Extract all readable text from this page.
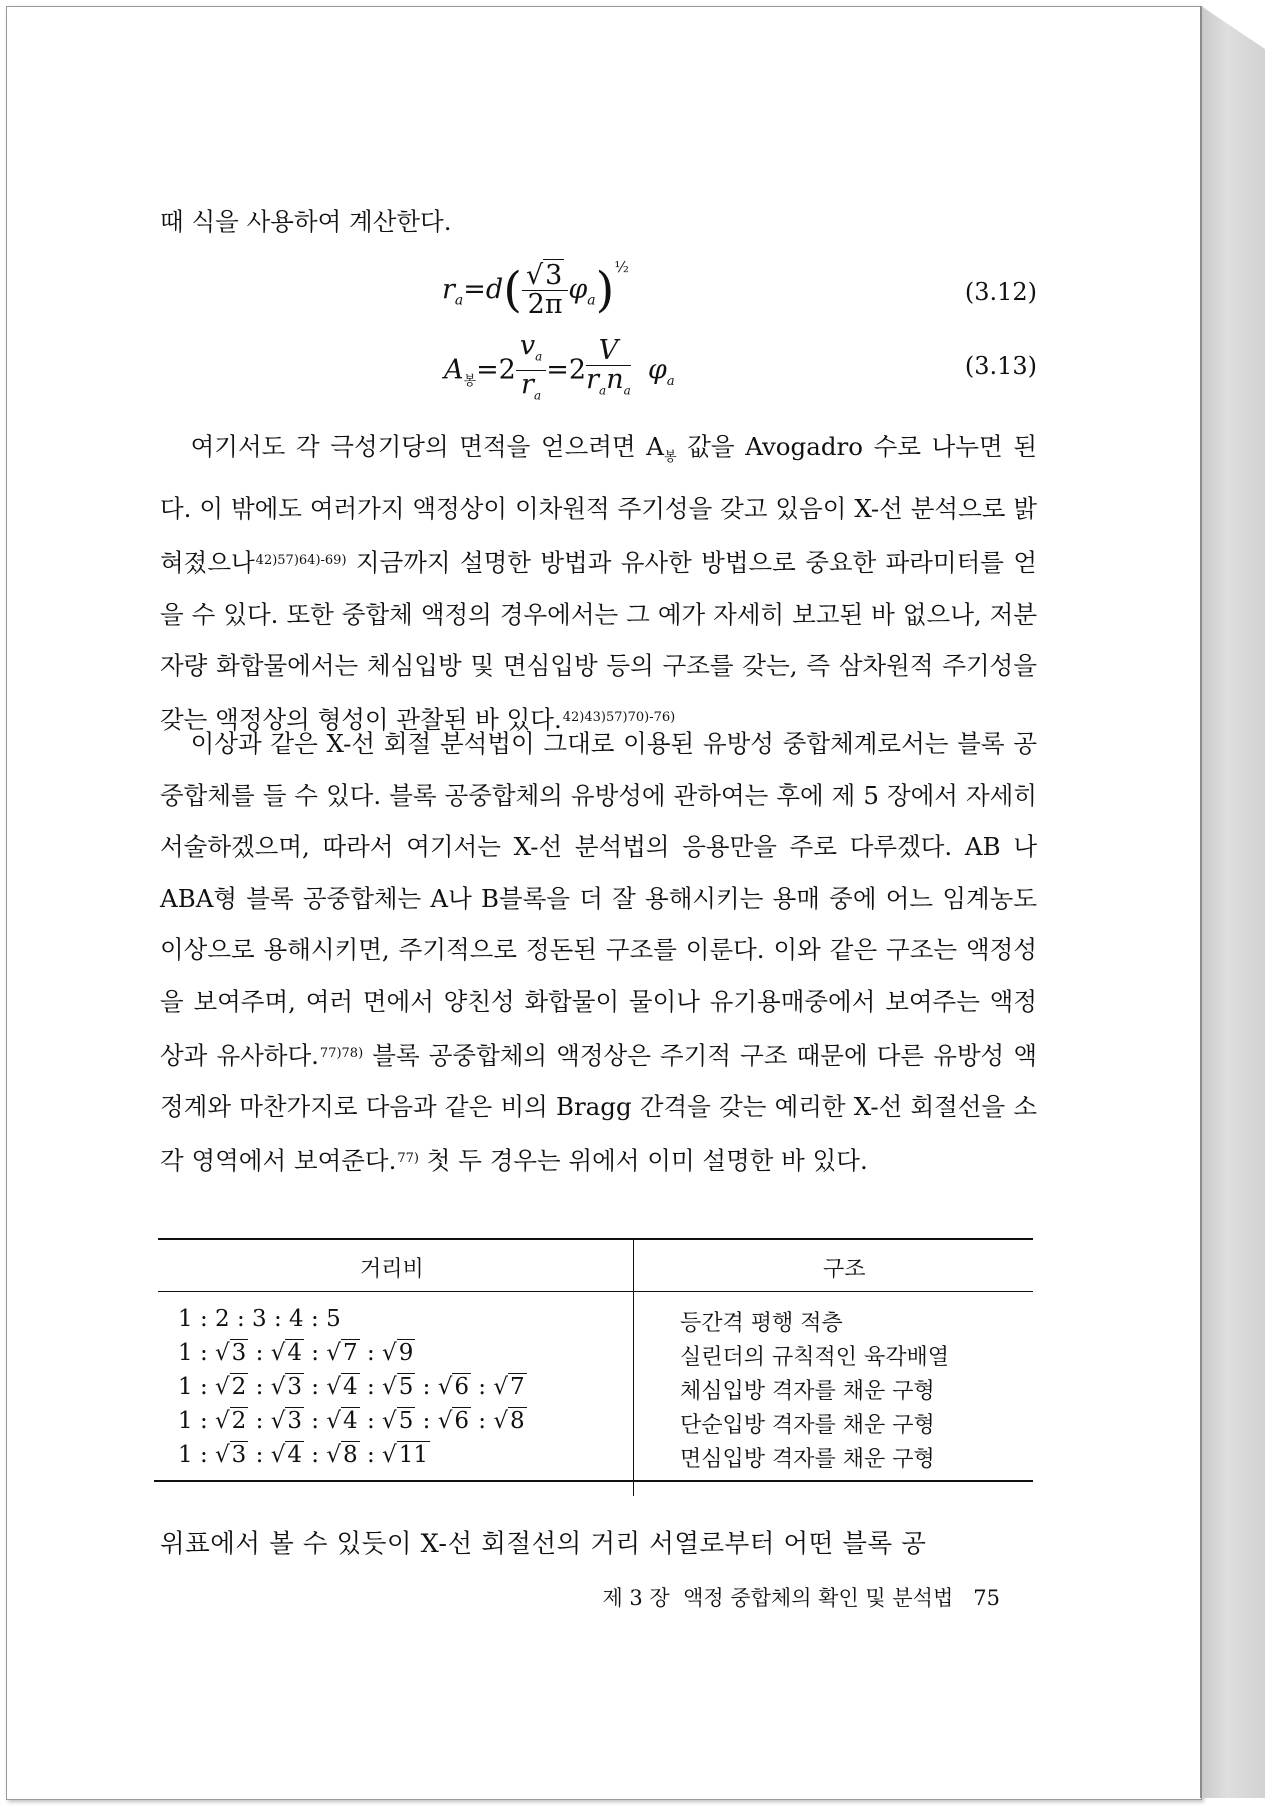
때 식을 사용하여 계산한다.
$r_a=d( \frac{√3}{2\pi} \varphi_a)^{\frac{1}{2}}$
(3.12)
$A_봉=2 \frac{v_a}{r_a} =2 \frac{V}{r_an_a} \varphi_a$
(3.13)
여기서도 각 극성기당의 면적을 얻으려면 $A_봉$ 값을 Avogadro 수로 나누면 된다. 이 밖에도 여러가지 액정상이 이차원적 주기성을 갖고 있음이 X-선 분석으로 밝혀졌으나$^{42)57)64)-69)}$ 지금까지 설명한 방법과 유사한 방법으로 중요한 파라미터를 얻을 수 있다. 또한 중합체 액정의 경우에서는 그 예가 자세히 보고된 바 없으나, 저분자량 화합물에서는 체심입방 및 면심입방 등의 구조를 갖는, 즉 삼차원적 주기성을 갖는 액정상의 형성이 관찰된 바 있다.$^{42)43)57)70)-76)}$
이상과 같은 X-선 회절 분석법이 그대로 이용된 유방성 중합체계로서는 블록 공중합체를 들 수 있다. 블록 공중합체의 유방성에 관하여는 후에 제 5 장에서 자세히 서술하겠으며, 따라서 여기서는 X-선 분석법의 응용만을 주로 다루겠다. AB 나 ABA형 블록 공중합체는 A나 B블록을 더 잘 용해시키는 용매 중에 어느 임계농도 이상으로 용해시키면, 주기적으로 정돈된 구조를 이룬다. 이와 같은 구조는 액정성을 보여주며, 여러 면에서 양친성 화합물이 물이나 유기용매중에서 보여주는 액정상과 유사하다.$^{77)78)}$ 블록 공중합체의 액정상은 주기적 구조 때문에 다른 유방성 액정계와 마찬가지로 다음과 같은 비의 Bragg 간격을 갖는 예리한 X-선 회절선을 소각 영역에서 보여준다.$^{77)}$ 첫 두 경우는 위에서 이미 설명한 바 있다.
거리비	구조
1 : 2 : 3 : 4 : 5	등간격 평행 적층
1 : √3 : √4 : √7 : √9	실린더의 규칙적인 육각배열
1 : √2 : √3 : √4 : √5 : √6 : √7	체심입방 격자를 채운 구형
1 : √2 : √3 : √4 : √5 : √6 : √8	단순입방 격자를 채운 구형
1 : √3 : √4 : √8 : √11	면심입방 격자를 채운 구형
위표에서 볼 수 있듯이 X-선 회절선의 거리 서열로부터 어떤 블록 공
제 3 장 액정 중합체의 확인 및 분석법 75
